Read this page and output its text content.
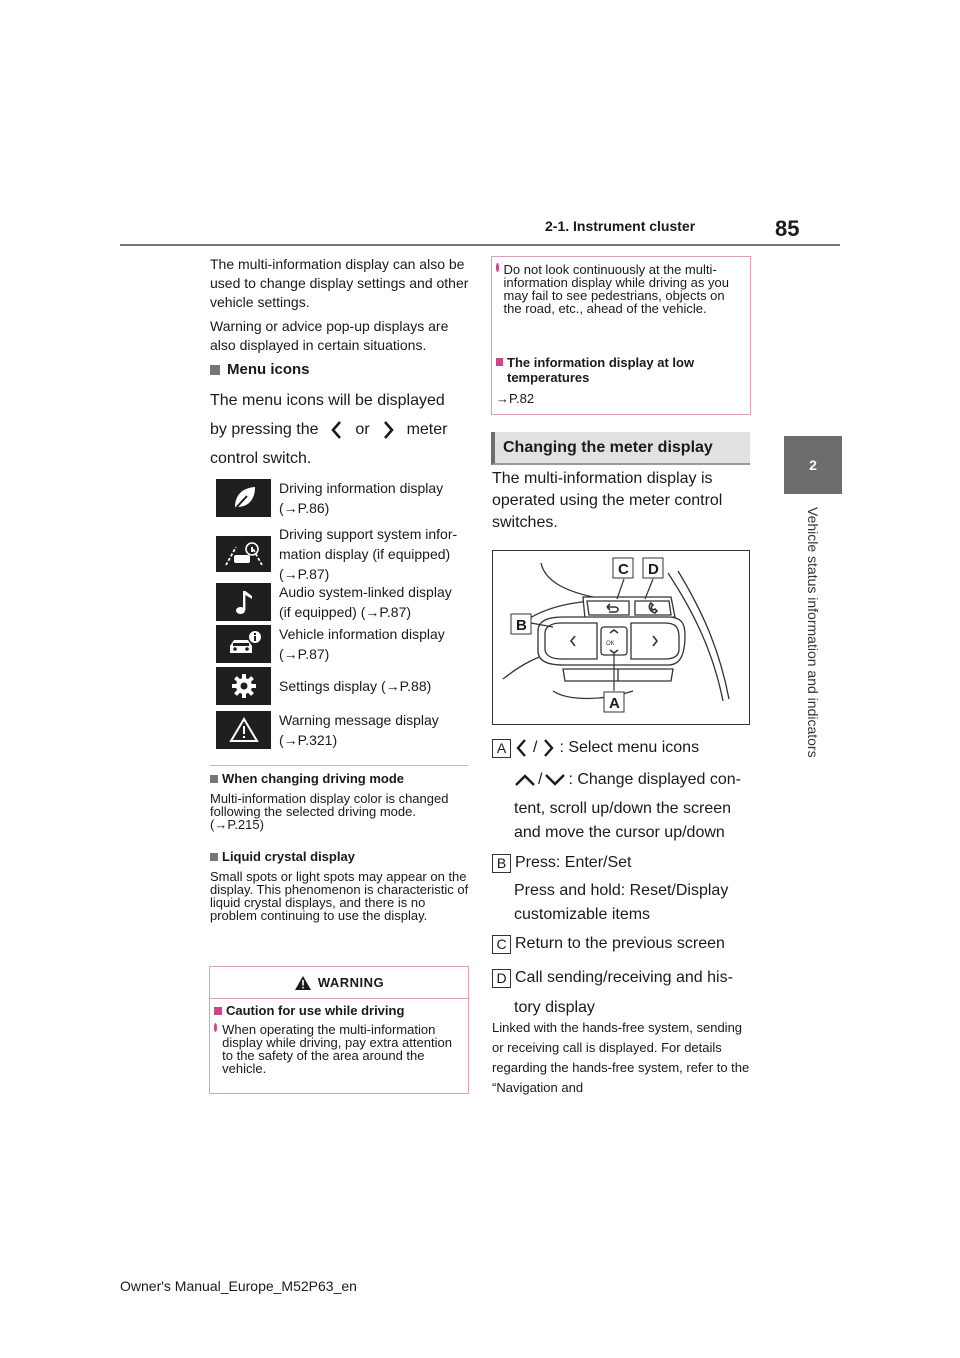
2-1. Instrument cluster	85
2
Vehicle status information and indicators

The multi-information display can also be used to change display settings and other vehicle settings.

Warning or advice pop-up displays are also displayed in certain situations.

Menu icons
The menu icons will be displayed
by pressing the or meter
control switch.
Driving information display
(→P.86)
Driving support system infor-
mation display (if equipped)
(→P.87)
Audio system-linked display
(if equipped) (→P.87)
Vehicle information display
(→P.87)
Settings display (→P.88)
Warning message display
(→P.321)
When changing driving mode
Multi-information display color is changed following the selected driving mode. (→P.215)
Liquid crystal display
Small spots or light spots may appear on the display. This phenomenon is characteristic of liquid crystal displays, and there is no problem continuing to use the display.
WARNING
Caution for use while driving
When operating the multi-information display while driving, pay extra attention to the safety of the area around the vehicle.
Do not look continuously at the multi-information display while driving as you may fail to see pedestrians, objects on the road, etc., ahead of the vehicle.
The information display at low temperatures
→P.82
Changing the meter display
The multi-information display is operated using the meter control switches.
OK
C D
B
A
A	/ : Select menu icons
/ : Change displayed con-
tent, scroll up/down the screen
and move the cursor up/down
B Press: Enter/Set
Press and hold: Reset/Display
customizable items
C Return to the previous screen
D Call sending/receiving and his-
tory display
Linked with the hands-free system, sending or receiving call is displayed. For details regarding the hands-free system, refer to the “Navigation and
Owner's Manual_Europe_M52P63_en
